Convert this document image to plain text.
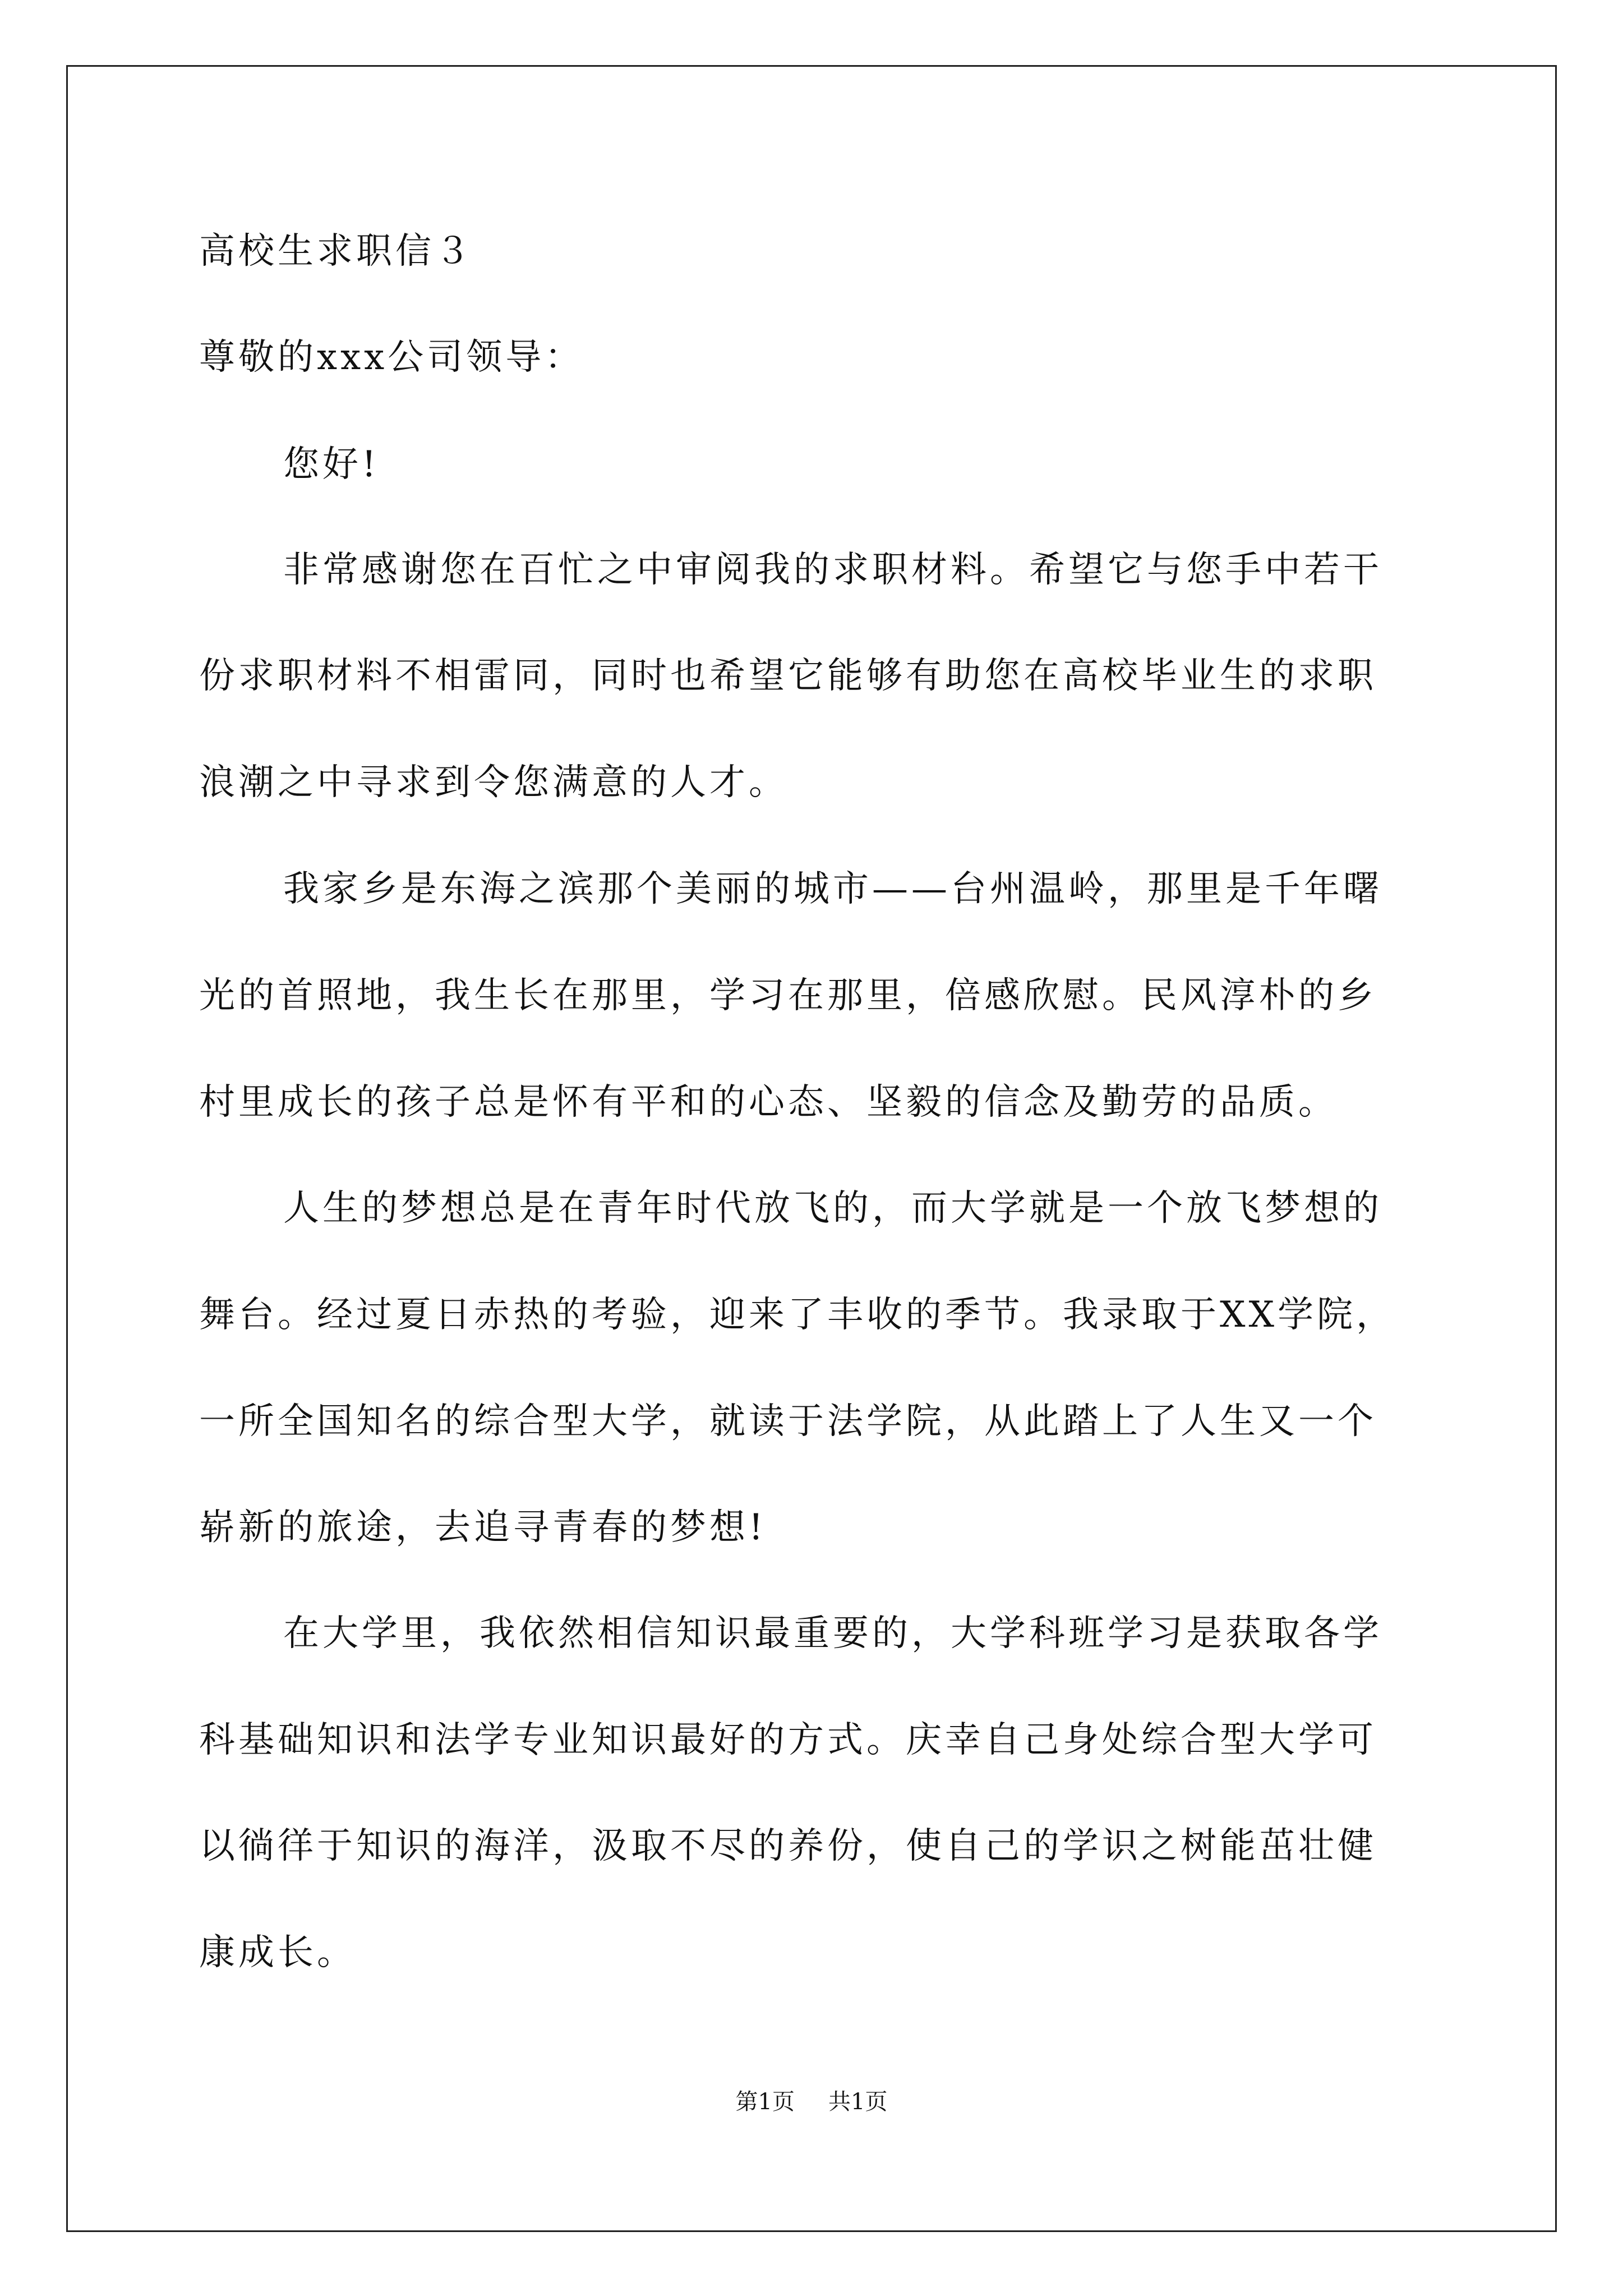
高校生求职信３
尊敬的xxx公司领导：
您好!
非常感谢您在百忙之中审阅我的求职材料。希望它与您手中若干
份求职材料不相雷同，同时也希望它能够有助您在高校毕业生的求职
浪潮之中寻求到令您满意的人才。
我家乡是东海之滨那个美丽的城市——台州温岭，那里是千年曙
光的首照地，我生长在那里，学习在那里，倍感欣慰。民风淳朴的乡
村里成长的孩子总是怀有平和的心态、坚毅的信念及勤劳的品质。
人生的梦想总是在青年时代放飞的，而大学就是一个放飞梦想的
舞台。经过夏日赤热的考验，迎来了丰收的季节。我录取于XX学院，
一所全国知名的综合型大学，就读于法学院，从此踏上了人生又一个
崭新的旅途，去追寻青春的梦想!
在大学里，我依然相信知识最重要的，大学科班学习是获取各学
科基础知识和法学专业知识最好的方式。庆幸自己身处综合型大学可
以徜徉于知识的海洋，汲取不尽的养份，使自己的学识之树能茁壮健
康成长。
第1页 共1页
